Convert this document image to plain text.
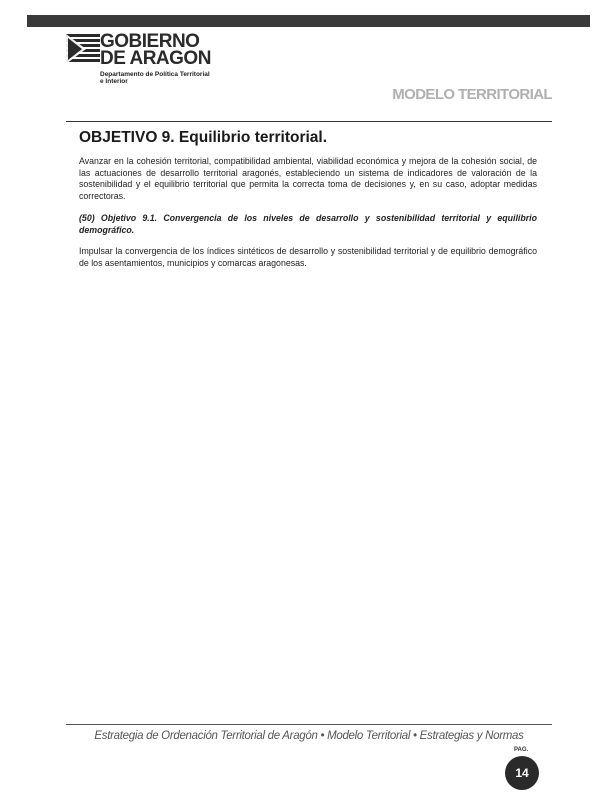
GOBIERNO
DE ARAGON
Departamento de Política Territorial
e Interior
MODELO TERRITORIAL
OBJETIVO 9. Equilibrio territorial.

Avanzar en la cohesión territorial, compatibilidad ambiental, viabilidad económica y mejora de la cohesión social, de las actuaciones de desarrollo territorial aragonés, estableciendo un sistema de indicadores de valoración de la sostenibilidad y el equilibrio territorial que permita la correcta toma de decisiones y, en su caso, adoptar medidas correctoras.

(50) Objetivo 9.1. Convergencia de los niveles de desarrollo y sostenibilidad territorial y equilibrio demográfico.

Impulsar la convergencia de los índices sintéticos de desarrollo y sostenibilidad territorial y de equilibrio demográfico de los asentamientos, municipios y comarcas aragonesas.

Estrategia de Ordenación Territorial de Aragón • Modelo Territorial • Estrategias y Normas
PAG.
14
